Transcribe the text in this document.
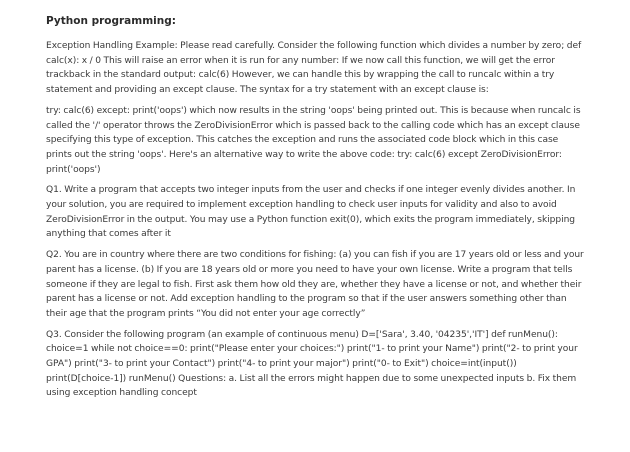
Python programming:

Exception Handling Example: Please read carefully. Consider the following function which divides a number by zero; def calc(x): x / 0 This will raise an error when it is run for any number: If we now call this function, we will get the error trackback in the standard output: calc(6) However, we can handle this by wrapping the call to runcalc within a try statement and providing an except clause. The syntax for a try statement with an except clause is:

try: calc(6) except: print('oops') which now results in the string 'oops' being printed out. This is because when runcalc is called the '/' operator throws the ZeroDivisionError which is passed back to the calling code which has an except clause specifying this type of exception. This catches the exception and runs the associated code block which in this case prints out the string 'oops'. Here's an alternative way to write the above code: try: calc(6) except ZeroDivisionError: print('oops')

Q1. Write a program that accepts two integer inputs from the user and checks if one integer evenly divides another. In your solution, you are required to implement exception handling to check user inputs for validity and also to avoid ZeroDivisionError in the output. You may use a Python function exit(0), which exits the program immediately, skipping anything that comes after it

Q2. You are in country where there are two conditions for fishing: (a) you can fish if you are 17 years old or less and your parent has a license. (b) If you are 18 years old or more you need to have your own license. Write a program that tells someone if they are legal to fish. First ask them how old they are, whether they have a license or not, and whether their parent has a license or not. Add exception handling to the program so that if the user answers something other than their age that the program prints “You did not enter your age correctly”

Q3. Consider the following program (an example of continuous menu) D=['Sara', 3.40, '04235','IT'] def runMenu(): choice=1 while not choice==0: print("Please enter your choices:") print("1- to print your Name") print("2- to print your GPA") print("3- to print your Contact") print("4- to print your major") print("0- to Exit") choice=int(input()) print(D[choice-1]) runMenu() Questions: a. List all the errors might happen due to some unexpected inputs b. Fix them using exception handling concept
